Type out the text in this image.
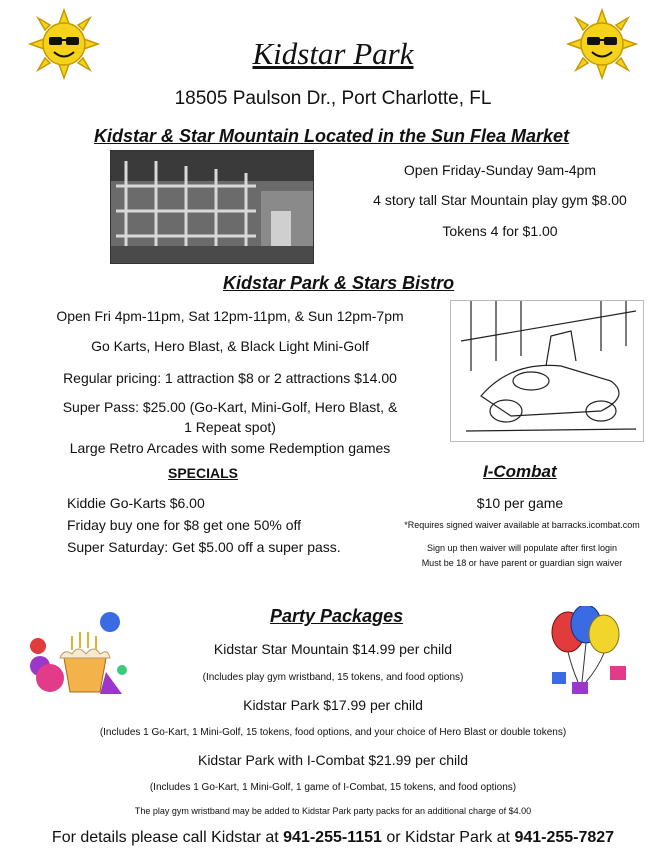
Kidstar Park
18505 Paulson Dr., Port Charlotte, FL
Kidstar & Star Mountain Located in the Sun Flea Market
Open Friday-Sunday 9am-4pm
4 story tall Star Mountain play gym $8.00
Tokens 4 for $1.00
Kidstar Park & Stars Bistro
Open Fri 4pm-11pm, Sat 12pm-11pm, & Sun 12pm-7pm
Go Karts, Hero Blast, & Black Light Mini-Golf
Regular pricing: 1 attraction $8 or 2 attractions $14.00
Super Pass: $25.00 (Go-Kart, Mini-Golf, Hero Blast, &
1 Repeat spot)
Large Retro Arcades with some Redemption games
SPECIALS
Kiddie Go-Karts $6.00
Friday buy one for $8 get one 50% off
Super Saturday: Get $5.00 off a super pass.
I-Combat
$10 per game
*Requires signed waiver available at barracks.icombat.com
Sign up then waiver will populate after first login
Must be 18 or have parent or guardian sign waiver
Party Packages
Kidstar Star Mountain $14.99 per child
(Includes play gym wristband, 15 tokens, and food options)
Kidstar Park $17.99 per child
(Includes 1 Go-Kart, 1 Mini-Golf, 15 tokens, food options, and your choice of Hero Blast or double tokens)
Kidstar Park with I-Combat $21.99 per child
(Includes 1 Go-Kart, 1 Mini-Golf, 1 game of I-Combat, 15 tokens, and food options)
The play gym wristband may be added to Kidstar Park party packs for an additional charge of $4.00
For details please call Kidstar at 941-255-1151 or Kidstar Park at 941-255-7827
